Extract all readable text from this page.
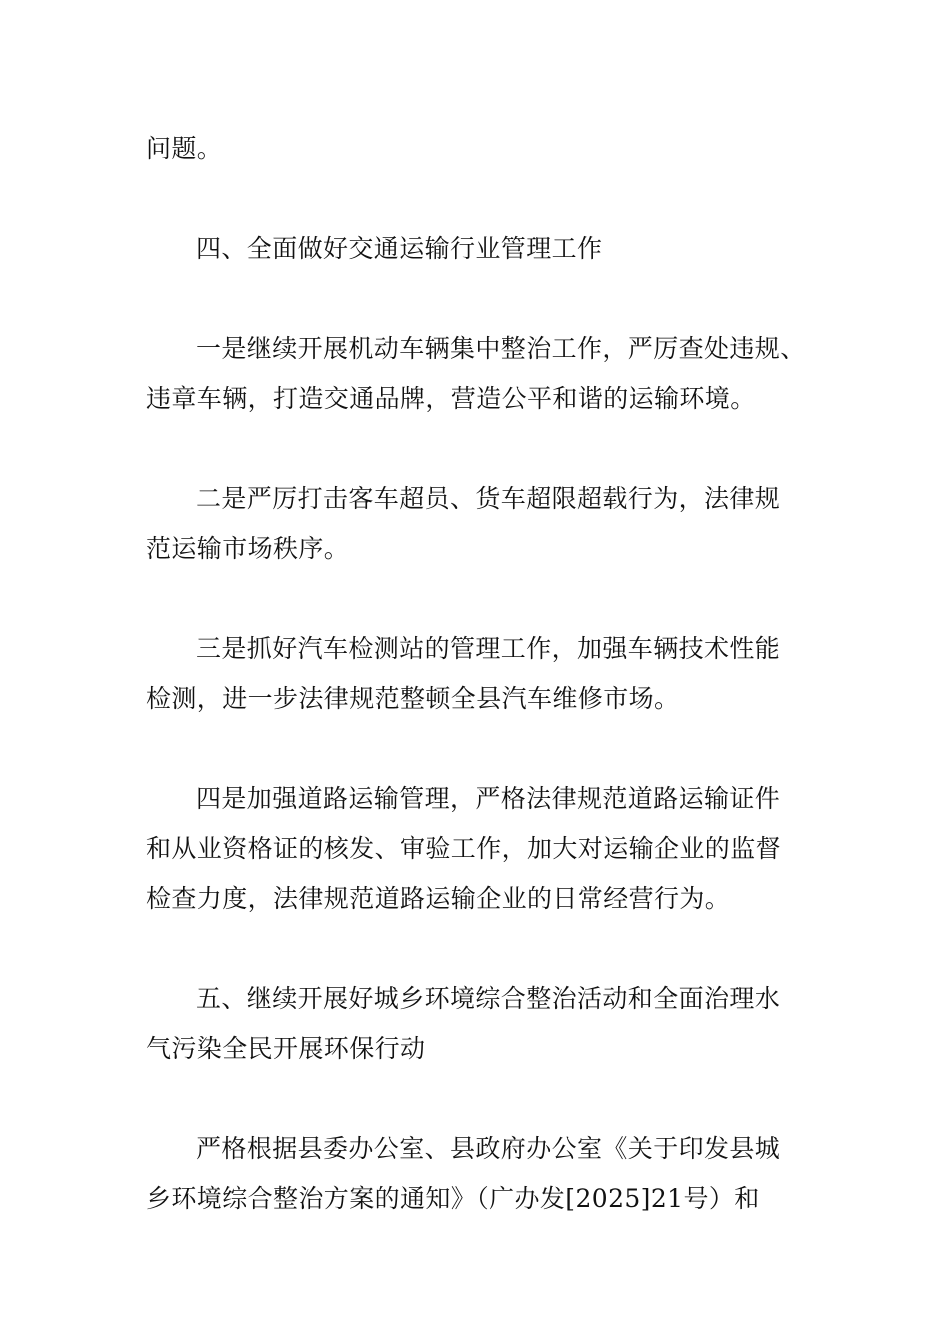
问题。
四、全面做好交通运输行业管理工作
一是继续开展机动车辆集中整治工作，严厉查处违规、
违章车辆，打造交通品牌，营造公平和谐的运输环境。
二是严厉打击客车超员、货车超限超载行为，法律规
范运输市场秩序。
三是抓好汽车检测站的管理工作，加强车辆技术性能
检测，进一步法律规范整顿全县汽车维修市场。
四是加强道路运输管理，严格法律规范道路运输证件
和从业资格证的核发、审验工作，加大对运输企业的监督
检查力度，法律规范道路运输企业的日常经营行为。
五、继续开展好城乡环境综合整治活动和全面治理水
气污染全民开展环保行动
严格根据县委办公室、县政府办公室《关于印发县城
乡环境综合整治方案的通知》（广办发[2025]21号）和
